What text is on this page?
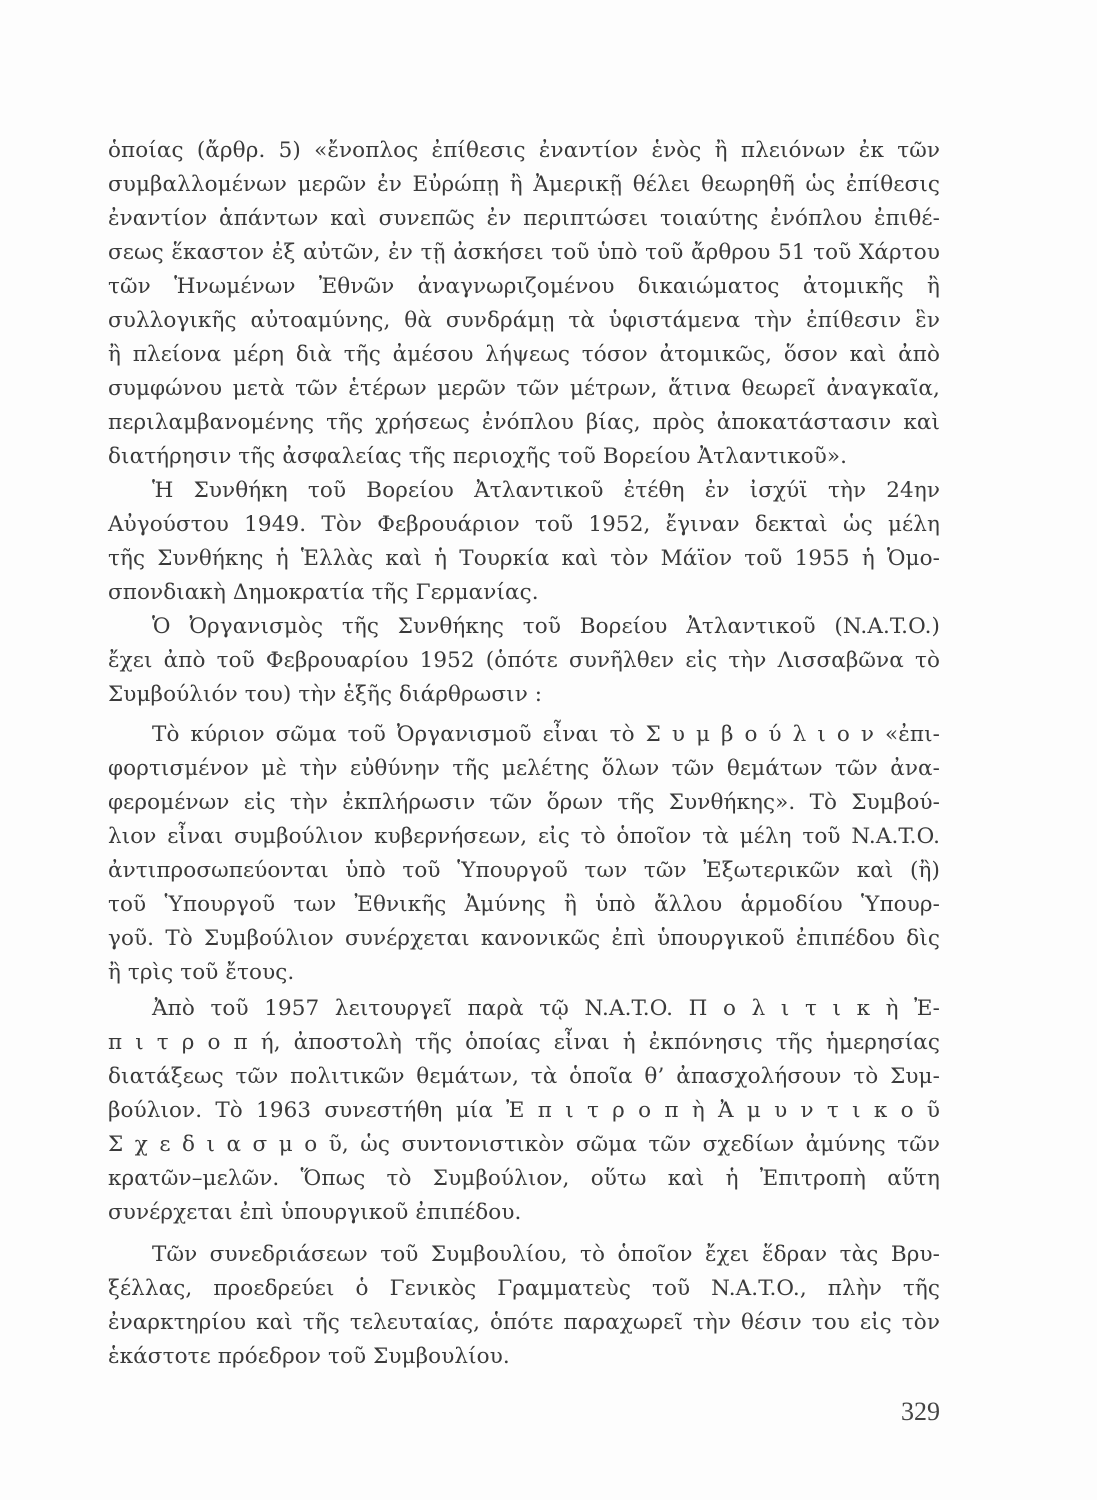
ὁποίας (ἄρθρ. 5) «ἔνοπλος ἐπίθεσις ἐναντίον ἑνὸς ἢ πλειόνων ἐκ τῶν
συμβαλλομένων μερῶν ἐν Εὐρώπῃ ἢ Ἀμερικῇ θέλει θεωρηθῆ ὡς ἐπίθεσις
ἐναντίον ἁπάντων καὶ συνεπῶς ἐν περιπτώσει τοιαύτης ἐνόπλου ἐπιθέ-
σεως ἕκαστον ἐξ αὐτῶν, ἐν τῇ ἀσκήσει τοῦ ὑπὸ τοῦ ἄρθρου 51 τοῦ Χάρτου
τῶν Ἡνωμένων Ἐθνῶν ἀναγνωριζομένου δικαιώματος ἀτομικῆς ἢ
συλλογικῆς αὐτοαμύνης, θὰ συνδράμῃ τὰ ὑφιστάμενα τὴν ἐπίθεσιν ἓν
ἢ πλείονα μέρη διὰ τῆς ἀμέσου λήψεως τόσον ἀτομικῶς, ὅσον καὶ ἀπὸ
συμφώνου μετὰ τῶν ἑτέρων μερῶν τῶν μέτρων, ἅτινα θεωρεῖ ἀναγκαῖα,
περιλαμβανομένης τῆς χρήσεως ἐνόπλου βίας, πρὸς ἀποκατάστασιν καὶ
διατήρησιν τῆς ἀσφαλείας τῆς περιοχῆς τοῦ Βορείου Ἀτλαντικοῦ».
Ἡ Συνθήκη τοῦ Βορείου Ἀτλαντικοῦ ἐτέθη ἐν ἰσχύϊ τὴν 24ην
Αὐγούστου 1949. Τὸν Φεβρουάριον τοῦ 1952, ἔγιναν δεκταὶ ὡς μέλη
τῆς Συνθήκης ἡ Ἑλλὰς καὶ ἡ Τουρκία καὶ τὸν Μάϊον τοῦ 1955 ἡ Ὁμο-
σπονδιακὴ Δημοκρατία τῆς Γερμανίας.
Ὁ Ὀργανισμὸς τῆς Συνθήκης τοῦ Βορείου Ἀτλαντικοῦ (N.A.T.O.)
ἔχει ἀπὸ τοῦ Φεβρουαρίου 1952 (ὁπότε συνῆλθεν εἰς τὴν Λισσαβῶνα τὸ
Συμβούλιόν του) τὴν ἑξῆς διάρθρωσιν :
Τὸ κύριον σῶμα τοῦ Ὀργανισμοῦ εἶναι τὸ Σ υ μ β ο ύ λ ι ο ν «ἐπι-
φορτισμένον μὲ τὴν εὐθύνην τῆς μελέτης ὅλων τῶν θεμάτων τῶν ἀνα-
φερομένων εἰς τὴν ἐκπλήρωσιν τῶν ὅρων τῆς Συνθήκης». Τὸ Συμβού-
λιον εἶναι συμβούλιον κυβερνήσεων, εἰς τὸ ὁποῖον τὰ μέλη τοῦ N.A.T.O.
ἀντιπροσωπεύονται ὑπὸ τοῦ Ὑπουργοῦ των τῶν Ἐξωτερικῶν καὶ (ἢ)
τοῦ Ὑπουργοῦ των Ἐθνικῆς Ἀμύνης ἢ ὑπὸ ἄλλου ἁρμοδίου Ὑπουρ-
γοῦ. Τὸ Συμβούλιον συνέρχεται κανονικῶς ἐπὶ ὑπουργικοῦ ἐπιπέδου δὶς
ἢ τρὶς τοῦ ἔτους.
Ἀπὸ τοῦ 1957 λειτουργεῖ παρὰ τῷ N.A.T.O. Π ο λ ι τ ι κ ὴ Ἐ-
π ι τ ρ ο π ή, ἀποστολὴ τῆς ὁποίας εἶναι ἡ ἐκπόνησις τῆς ἡμερησίας
διατάξεως τῶν πολιτικῶν θεμάτων, τὰ ὁποῖα θ’ ἀπασχολήσουν τὸ Συμ-
βούλιον. Τὸ 1963 συνεστήθη μία Ἐ π ι τ ρ ο π ὴ Ἀ μ υ ν τ ι κ ο ῦ
Σ χ ε δ ι α σ μ ο ῦ, ὡς συντονιστικὸν σῶμα τῶν σχεδίων ἀμύνης τῶν
κρατῶν–μελῶν. Ὅπως τὸ Συμβούλιον, οὕτω καὶ ἡ Ἐπιτροπὴ αὕτη
συνέρχεται ἐπὶ ὑπουργικοῦ ἐπιπέδου.
Τῶν συνεδριάσεων τοῦ Συμβουλίου, τὸ ὁποῖον ἔχει ἕδραν τὰς Βρυ-
ξέλλας, προεδρεύει ὁ Γενικὸς Γραμματεὺς τοῦ N.A.T.O., πλὴν τῆς
ἐναρκτηρίου καὶ τῆς τελευταίας, ὁπότε παραχωρεῖ τὴν θέσιν του εἰς τὸν
ἑκάστοτε πρόεδρον τοῦ Συμβουλίου.
329
